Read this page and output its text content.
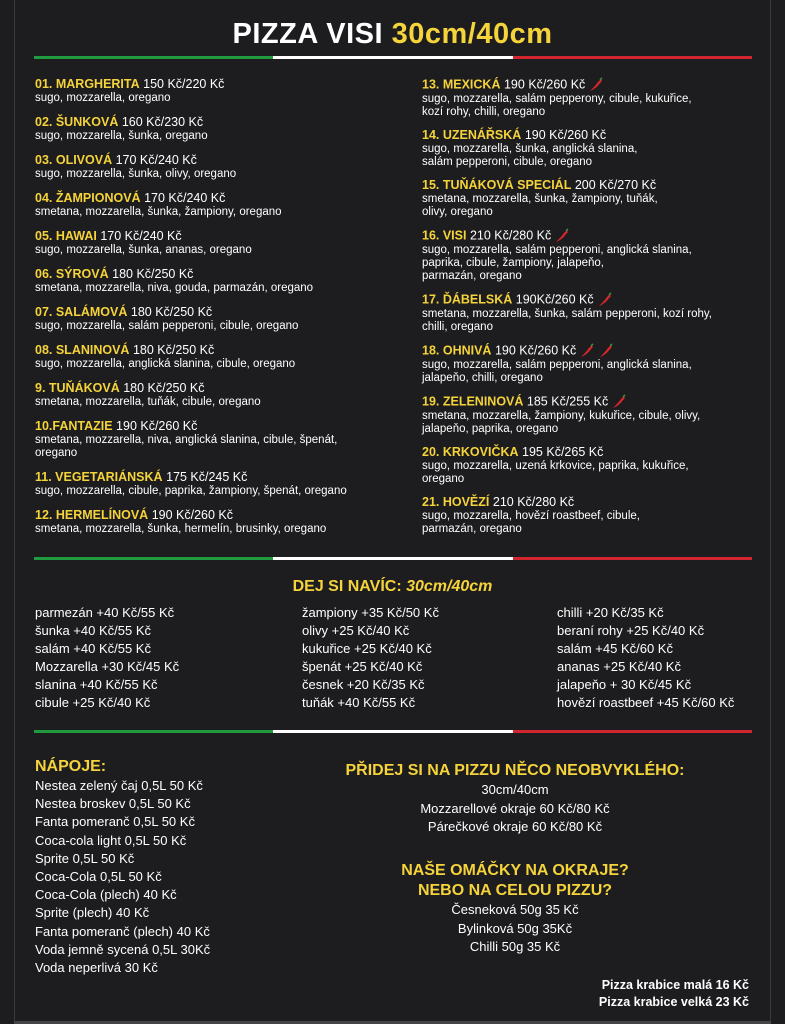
PIZZA VISI 30cm/40cm
01. MARGHERITA 150 Kč/220 Kč
sugo, mozzarella, oregano
02. ŠUNKOVÁ 160 Kč/230 Kč
sugo, mozzarella, šunka, oregano
03. OLIVOVÁ 170 Kč/240 Kč
sugo, mozzarella, šunka, olivy, oregano
04. ŽAMPIONOVÁ 170 Kč/240 Kč
smetana, mozzarella, šunka, žampiony, oregano
05. HAWAI 170 Kč/240 Kč
sugo, mozzarella, šunka, ananas, oregano
06. SÝROVÁ 180 Kč/250 Kč
smetana, mozzarella, niva, gouda, parmazán, oregano
07. SALÁMOVÁ 180 Kč/250 Kč
sugo, mozzarella, salám pepperoni, cibule, oregano
08. SLANINOVÁ 180 Kč/250 Kč
sugo, mozzarella, anglická slanina, cibule, oregano
9. TUŇÁKOVÁ 180 Kč/250 Kč
smetana, mozzarella, tuňák, cibule, oregano
10.FANTAZIE 190 Kč/260 Kč
smetana, mozzarella, niva, anglická slanina, cibule, špenát,
oregano
11. VEGETARIÁNSKÁ 175 Kč/245 Kč
sugo, mozzarella, cibule, paprika, žampiony, špenát, oregano
12. HERMELÍNOVÁ 190 Kč/260 Kč
smetana, mozzarella, šunka, hermelín, brusinky, oregano
13. MEXICKÁ 190 Kč/260 Kč
sugo, mozzarella, salám pepperony, cibule, kukuřice,
kozí rohy, chilli, oregano
14. UZENÁŘSKÁ 190 Kč/260 Kč
sugo, mozzarella, šunka, anglická slanina,
salám pepperoni, cibule, oregano
15. TUŇÁKOVÁ SPECIÁL 200 Kč/270 Kč
smetana, mozzarella, šunka, žampiony, tuňák,
olivy, oregano
16. VISI 210 Kč/280 Kč
sugo, mozzarella, salám pepperoni, anglická slanina,
paprika, cibule, žampiony, jalapeňo,
parmazán, oregano
17. ĎÁBELSKÁ 190Kč/260 Kč
smetana, mozzarella, šunka, salám pepperoni, kozí rohy,
chilli, oregano
18. OHNIVÁ 190 Kč/260 Kč
sugo, mozzarella, salám pepperoni, anglická slanina,
jalapeňo, chilli, oregano
19. ZELENINOVÁ 185 Kč/255 Kč
smetana, mozzarella, žampiony, kukuřice, cibule, olivy,
jalapeňo, paprika, oregano
20. KRKOVIČKA 195 Kč/265 Kč
sugo, mozzarella, uzená krkovice, paprika, kukuřice,
oregano
21. HOVĚZÍ 210 Kč/280 Kč
sugo, mozzarella, hovězí roastbeef, cibule,
parmazán, oregano
DEJ SI NAVÍC: 30cm/40cm
parmezán +40 Kč/55 Kč
šunka +40 Kč/55 Kč
salám +40 Kč/55 Kč
Mozzarella +30 Kč/45 Kč
slanina +40 Kč/55 Kč
cibule +25 Kč/40 Kč
žampiony +35 Kč/50 Kč
olivy +25 Kč/40 Kč
kukuřice +25 Kč/40 Kč
špenát +25 Kč/40 Kč
česnek +20 Kč/35 Kč
tuňák +40 Kč/55 Kč
chilli +20 Kč/35 Kč
beraní rohy +25 Kč/40 Kč
salám +45 Kč/60 Kč
ananas +25 Kč/40 Kč
jalapeňo + 30 Kč/45 Kč
hovězí roastbeef +45 Kč/60 Kč
NÁPOJE:
Nestea zelený čaj 0,5L 50 Kč
Nestea broskev 0,5L 50 Kč
Fanta pomeranč 0,5L 50 Kč
Coca-cola light 0,5L 50 Kč
Sprite 0,5L 50 Kč
Coca-Cola 0,5L 50 Kč
Coca-Cola (plech) 40 Kč
Sprite (plech) 40 Kč
Fanta pomeranč (plech) 40 Kč
Voda jemně sycená 0,5L 30Kč
Voda neperlivá 30 Kč
PŘIDEJ SI NA PIZZU NĚCO NEOBVYKLÉHO:
30cm/40cm
Mozzarellové okraje 60 Kč/80 Kč
Párečkové okraje 60 Kč/80 Kč
NAŠE OMÁČKY NA OKRAJE?
NEBO NA CELOU PIZZU?
Česneková 50g 35 Kč
Bylinková 50g 35Kč
Chilli 50g 35 Kč
Pizza krabice malá 16 Kč
Pizza krabice velká 23 Kč
